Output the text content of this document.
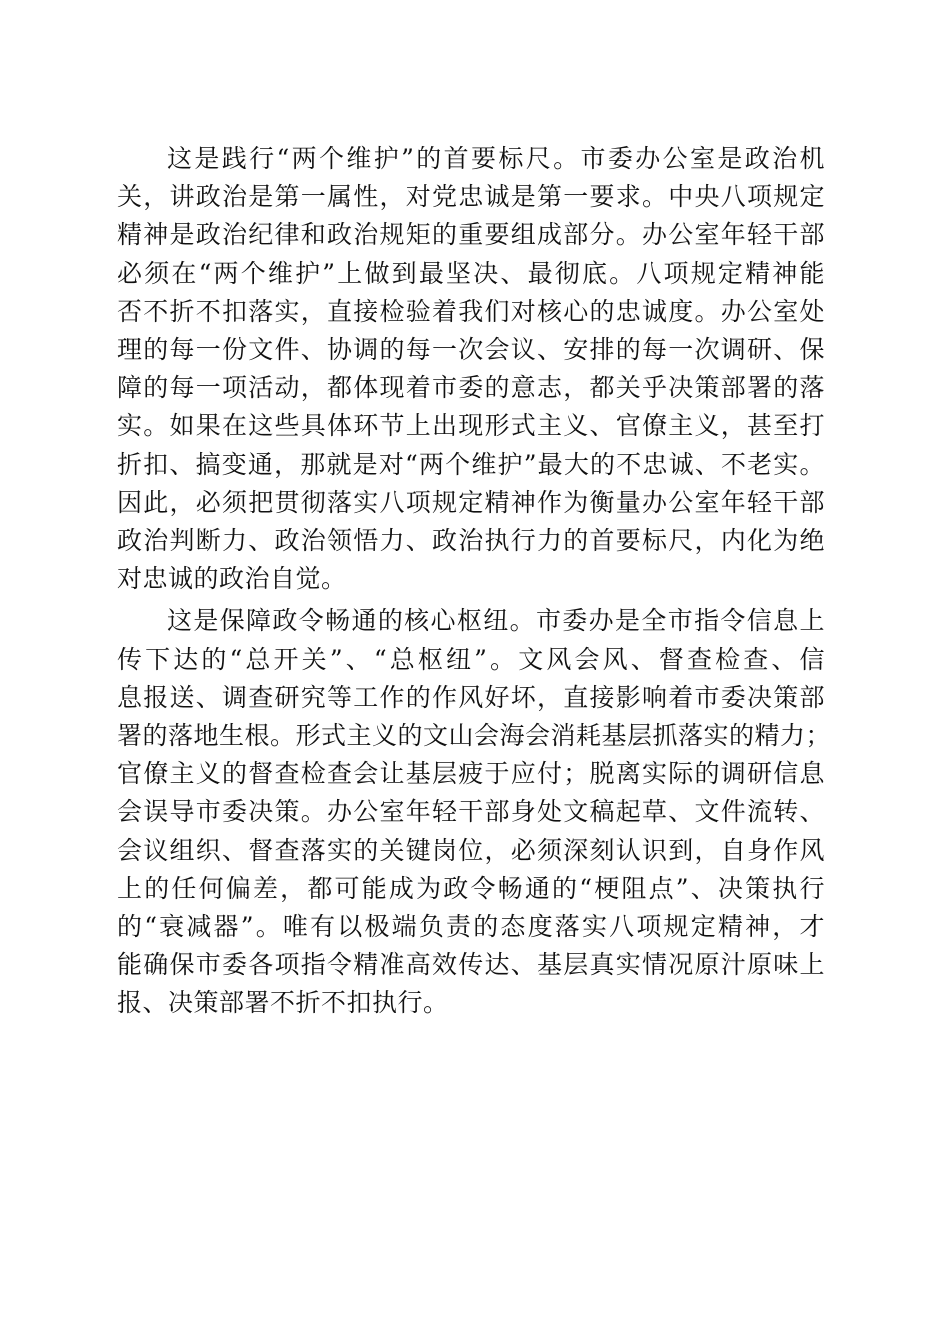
这是践行“两个维护”的首要标尺。市委办公室是政治机
关，讲政治是第一属性，对党忠诚是第一要求。中央八项规定
精神是政治纪律和政治规矩的重要组成部分。办公室年轻干部
必须在“两个维护”上做到最坚决、最彻底。八项规定精神能
否不折不扣落实，直接检验着我们对核心的忠诚度。办公室处
理的每一份文件、协调的每一次会议、安排的每一次调研、保
障的每一项活动，都体现着市委的意志，都关乎决策部署的落
实。如果在这些具体环节上出现形式主义、官僚主义，甚至打
折扣、搞变通，那就是对“两个维护”最大的不忠诚、不老实。
因此，必须把贯彻落实八项规定精神作为衡量办公室年轻干部
政治判断力、政治领悟力、政治执行力的首要标尺，内化为绝
对忠诚的政治自觉。

这是保障政令畅通的核心枢纽。市委办是全市指令信息上
传下达的“总开关”、“总枢纽”。文风会风、督查检查、信
息报送、调查研究等工作的作风好坏，直接影响着市委决策部
署的落地生根。形式主义的文山会海会消耗基层抓落实的精力；
官僚主义的督查检查会让基层疲于应付；脱离实际的调研信息
会误导市委决策。办公室年轻干部身处文稿起草、文件流转、
会议组织、督查落实的关键岗位，必须深刻认识到，自身作风
上的任何偏差，都可能成为政令畅通的“梗阻点”、决策执行
的“衰减器”。唯有以极端负责的态度落实八项规定精神，才
能确保市委各项指令精准高效传达、基层真实情况原汁原味上
报、决策部署不折不扣执行。
